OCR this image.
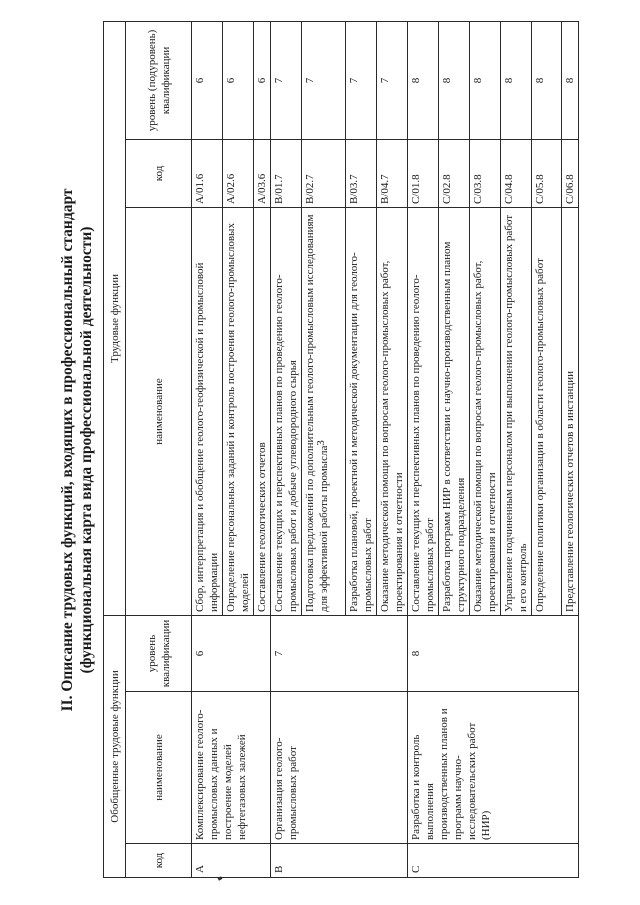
3
II. Описание трудовых функций, входящих в профессиональный стандарт (функциональная карта вида профессиональной деятельности)
Обобщенные трудовые функции			Трудовые функции		
код	наименование	уровень квалификации	наименование	код	уровень (подуровень) квалификации
A	Комплексирование геолого-промысловых данных и построение моделей нефтегазовых залежей	6	Сбор, интерпретация и обобщение геолого-геофизической и промысловой информации	A/01.6	6
			Определение персональных заданий и контроль построения геолого-промысловых моделей	A/02.6	6
			Составление геологических отчетов	A/03.6	6
B	Организация геолого-промысловых работ	7	Составление текущих и перспективных планов по проведению геолого-промысловых работ и добыче углеводородного сырья	B/01.7	7
			Подготовка предложений по дополнительным геолого-промысловым исследованиям для эффективной работы промысла	B/02.7	7
			Разработка плановой, проектной и методической документации для геолого-промысловых работ	B/03.7	7
			Оказание методической помощи по вопросам геолого-промысловых работ, проектирования и отчетности	B/04.7	7
C	Разработка и контроль выполнения производственных планов и программ научно-исследовательских работ (НИР)	8	Составление текущих и перспективных планов по проведению геолого-промысловых работ	C/01.8	8
			Разработка программ НИР в соответствии с научно-производственным планом структурного подразделения	C/02.8	8
			Оказание методической помощи по вопросам геолого-промысловых работ, проектирования и отчетности	C/03.8	8
			Управление подчиненным персоналом при выполнении геолого-промысловых работ и его контроль	C/04.8	8
			Определение политики организации в области геолого-промысловых работ	C/05.8	8
			Представление геологических отчетов в инстанции	C/06.8	8
